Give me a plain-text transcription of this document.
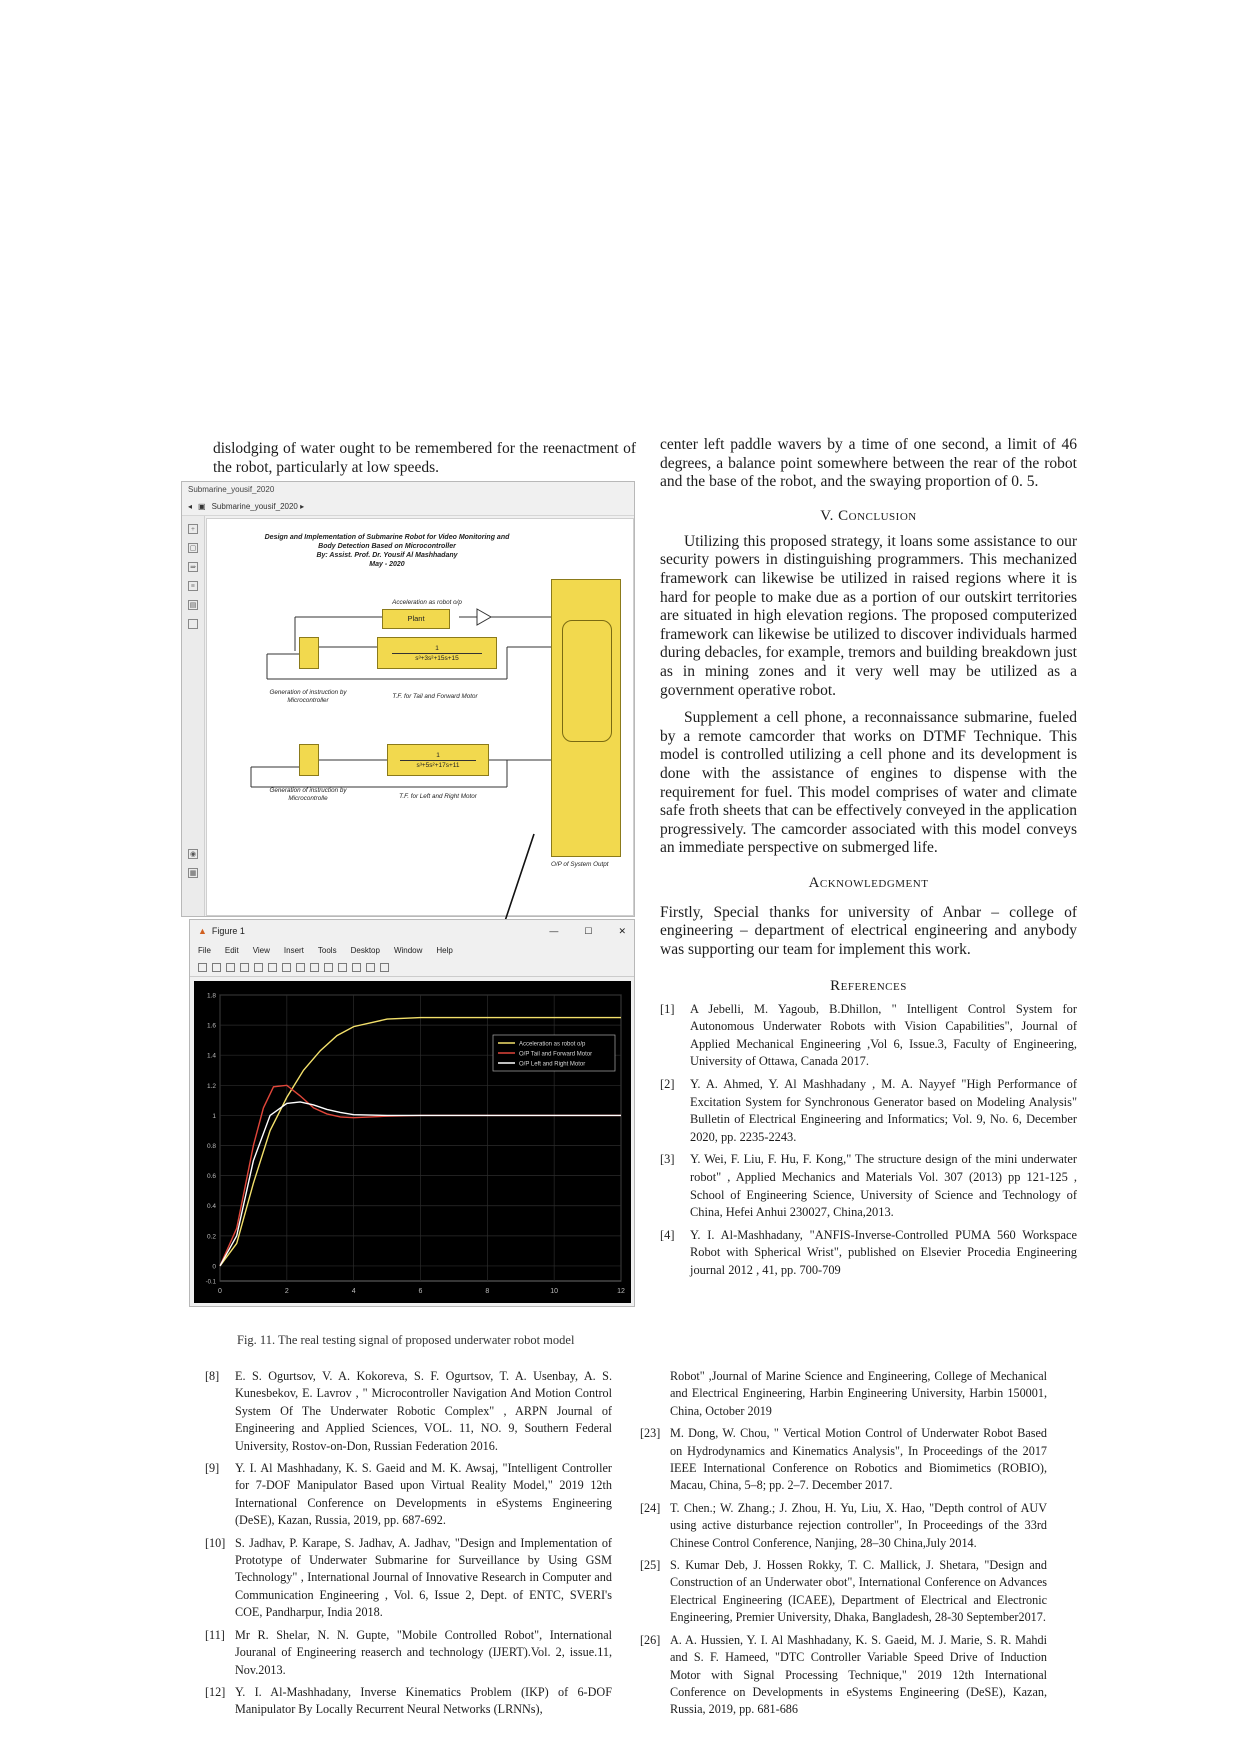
dislodging of water ought to be remembered for the reenactment of the robot, particularly at low speeds.

Submarine_yousif_2020
◂ ▣ Submarine_yousif_2020 ▸
+
▢
⇒
≡
▤
◉
▦
Design and Implementation of Submarine Robot for Video Monitoring and
Body Detection Based on Microcontroller
By: Assist. Prof. Dr. Yousif Al Mashhadany
May - 2020
Acceleration as robot o/p
Plant
1
s³+3s²+15s+15
Generation of instruction by Microcontroller	T.F. for Tail and Forward Motor
1
s³+5s²+17s+11
Generation of instruction by Microcontrolle	T.F. for Left and Right Motor
O/P of System Outpt
▲ Figure 1	—	☐	✕
File Edit View Insert Tools Desktop Window Help
0	2	4	6	8	10	12
0
0.2
0.4
0.6
0.8
1
1.2
1.4
1.6
1.8
-0.1
Acceleration as robot o/p
O/P Tail and Forward Motor
O/P Left and Right Motor
Fig. 11. The real testing signal of proposed underwater robot model

center left paddle wavers by a time of one second, a limit of 46 degrees, a balance point somewhere between the rear of the robot and the base of the robot, and the swaying proportion of 0. 5.

V. Conclusion

Utilizing this proposed strategy, it loans some assistance to our security powers in distinguishing programmers. This mechanized framework can likewise be utilized in raised regions where it is hard for people to make due as a portion of our outskirt territories are situated in high elevation regions. The proposed computerized framework can likewise be utilized to discover individuals harmed during debacles, for example, tremors and building breakdown just as in mining zones and it very well may be utilized as a government operative robot.

Supplement a cell phone, a reconnaissance submarine, fueled by a remote camcorder that works on DTMF Technique. This model is controlled utilizing a cell phone and its development is done with the assistance of engines to dispense with the requirement for fuel. This model comprises of water and climate safe froth sheets that can be effectively conveyed in the application progressively. The camcorder associated with this model conveys an immediate perspective on submerged life.

Acknowledgment

Firstly, Special thanks for university of Anbar – college of engineering – department of electrical engineering and anybody was supporting our team for implement this work.

References

[1]	A Jebelli, M. Yagoub, B.Dhillon, " Intelligent Control System for Autonomous Underwater Robots with Vision Capabilities", Journal of Applied Mechanical Engineering ,Vol 6, Issue.3, Faculty of Engineering, University of Ottawa, Canada 2017.
[2]	Y. A. Ahmed, Y. Al Mashhadany , M. A. Nayyef "High Performance of Excitation System for Synchronous Generator based on Modeling Analysis" Bulletin of Electrical Engineering and Informatics; Vol. 9, No. 6, December 2020, pp. 2235-2243.
[3]	Y. Wei, F. Liu, F. Hu, F. Kong," The structure design of the mini underwater robot" , Applied Mechanics and Materials Vol. 307 (2013) pp 121-125 , School of Engineering Science, University of Science and Technology of China, Hefei Anhui 230027, China,2013.
[4]	Y. I. Al-Mashhadany, "ANFIS-Inverse-Controlled PUMA 560 Workspace Robot with Spherical Wrist", published on Elsevier Procedia Engineering journal 2012 , 41, pp. 700-709
[8]	E. S. Ogurtsov, V. A. Kokoreva, S. F. Ogurtsov, T. A. Usenbay, A. S. Kunesbekov, E. Lavrov , " Microcontroller Navigation And Motion Control System Of The Underwater Robotic Complex" , ARPN Journal of Engineering and Applied Sciences, VOL. 11, NO. 9, Southern Federal University, Rostov-on-Don, Russian Federation 2016.
[9]	Y. I. Al Mashhadany, K. S. Gaeid and M. K. Awsaj, "Intelligent Controller for 7-DOF Manipulator Based upon Virtual Reality Model," 2019 12th International Conference on Developments in eSystems Engineering (DeSE), Kazan, Russia, 2019, pp. 687-692.
[10] S. Jadhav, P. Karape, S. Jadhav, A. Jadhav, "Design and Implementation of Prototype of Underwater Submarine for Surveillance by Using GSM Technology" , International Journal of Innovative Research in Computer and Communication Engineering , Vol. 6, Issue 2, Dept. of ENTC, SVERI's COE, Pandharpur, India 2018.
[11] Mr R. Shelar, N. N. Gupte, "Mobile Controlled Robot", International Jouranal of Engineering reaserch and technology (IJERT).Vol. 2, issue.11, Nov.2013.
[12] Y. I. Al-Mashhadany, Inverse Kinematics Problem (IKP) of 6-DOF Manipulator By Locally Recurrent Neural Networks (LRNNs),
Robot" ,Journal of Marine Science and Engineering, College of Mechanical and Electrical Engineering, Harbin Engineering University, Harbin 150001, China, October 2019
[23] M. Dong, W. Chou, " Vertical Motion Control of Underwater Robot Based on Hydrodynamics and Kinematics Analysis", In Proceedings of the 2017 IEEE International Conference on Robotics and Biomimetics (ROBIO), Macau, China, 5–8; pp. 2–7. December 2017.
[24] T. Chen.; W. Zhang.; J. Zhou, H. Yu, Liu, X. Hao, "Depth control of AUV using active disturbance rejection controller", In Proceedings of the 33rd Chinese Control Conference, Nanjing, 28–30 China,July 2014.
[25] S. Kumar Deb, J. Hossen Rokky, T. C. Mallick, J. Shetara, "Design and Construction of an Underwater obot", International Conference on Advances Electrical Engineering (ICAEE), Department of Electrical and Electronic Engineering, Premier University, Dhaka, Bangladesh, 28-30 September2017.
[26] A. A. Hussien, Y. I. Al Mashhadany, K. S. Gaeid, M. J. Marie, S. R. Mahdi and S. F. Hameed, "DTC Controller Variable Speed Drive of Induction Motor with Signal Processing Technique," 2019 12th International Conference on Developments in eSystems Engineering (DeSE), Kazan, Russia, 2019, pp. 681-686
